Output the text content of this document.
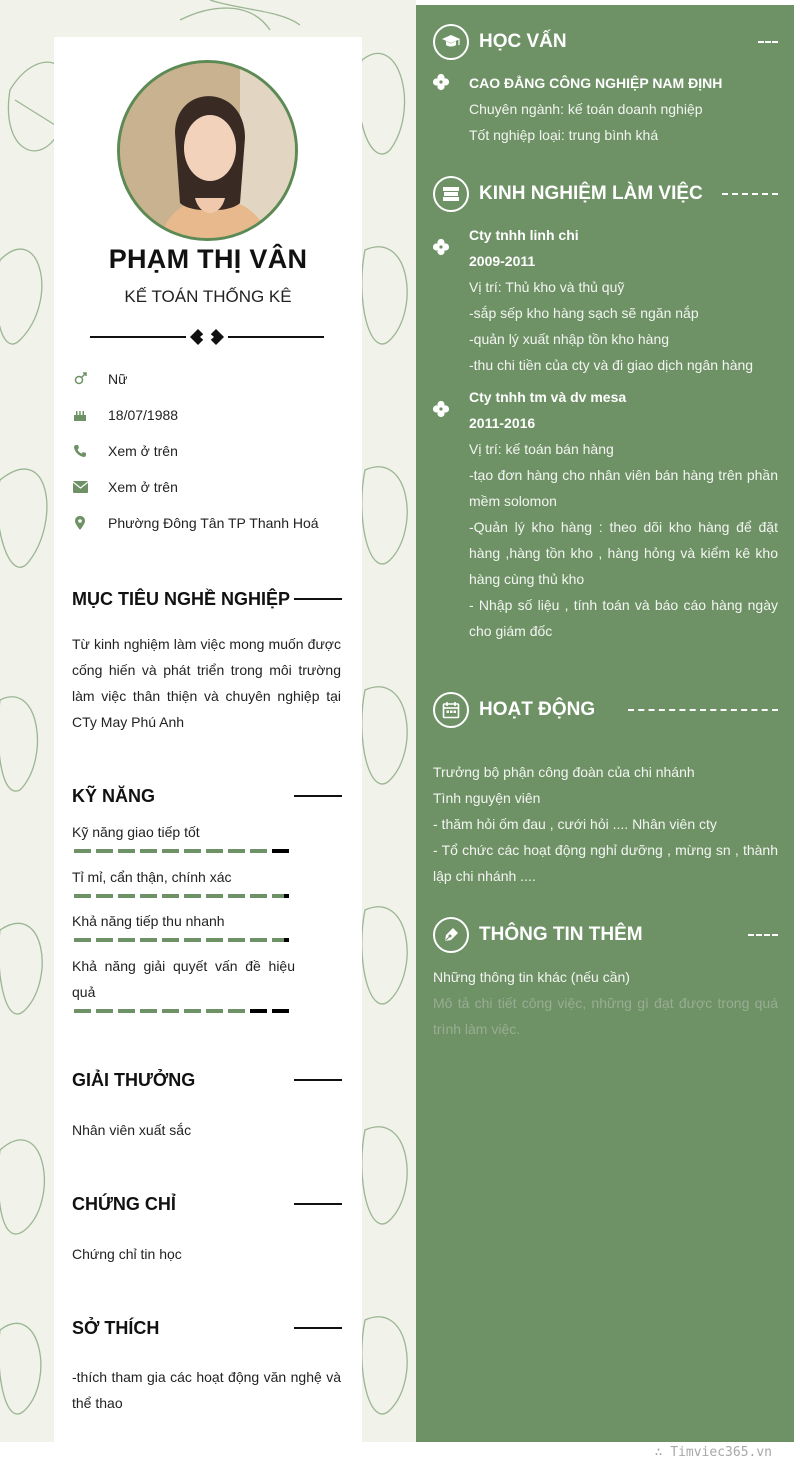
PHẠM THỊ VÂN
KẾ TOÁN THỐNG KÊ
Nữ
18/07/1988
Xem ở trên
Xem ở trên
Phường Đông Tân TP Thanh Hoá
MỤC TIÊU NGHỀ NGHIỆP
Từ kinh nghiệm làm việc mong muốn được cống hiến và phát triển trong môi trường làm việc thân thiện và chuyên nghiệp tại CTy May Phú Anh
KỸ NĂNG
Kỹ năng giao tiếp tốt
Tỉ mỉ, cẩn thận, chính xác
Khả năng tiếp thu nhanh
Khả năng giải quyết vấn đề hiệu quả
GIẢI THƯỞNG
Nhân viên xuất sắc
CHỨNG CHỈ
Chứng chỉ tin học
SỞ THÍCH
-thích tham gia các hoạt động văn nghệ và thể thao
HỌC VẤN
CAO ĐẲNG CÔNG NGHIỆP NAM ĐỊNH
Chuyên ngành: kế toán doanh nghiệp
Tốt nghiệp loại: trung bình khá
KINH NGHIỆM LÀM VIỆC
Cty tnhh linh chi
2009-2011
Vị trí: Thủ kho và thủ quỹ
-sắp sếp kho hàng sạch sẽ ngăn nắp
-quản lý xuất nhập tồn kho hàng
-thu chi tiền của cty và đi giao dịch ngân hàng
Cty tnhh tm và dv mesa
2011-2016
Vị trí: kế toán bán hàng
-tạo đơn hàng cho nhân viên bán hàng trên phần mềm solomon
-Quản lý kho hàng : theo dõi kho hàng để đặt hàng ,hàng tồn kho , hàng hỏng và kiểm kê kho hàng cùng thủ kho
- Nhập số liệu , tính toán và báo cáo hàng ngày cho giám đốc
HOẠT ĐỘNG
Trưởng bộ phận công đoàn của chi nhánh
Tình nguyện viên
- thăm hỏi ốm đau , cưới hỏi .... Nhân viên cty
- Tổ chức các hoạt động nghỉ dưỡng , mừng sn , thành lập chi nhánh ....
THÔNG TIN THÊM
Những thông tin khác (nếu cần)
Mô tả chi tiết công việc, những gì đạt được trong quá trình làm việc.
∴ Timviec365.vn
